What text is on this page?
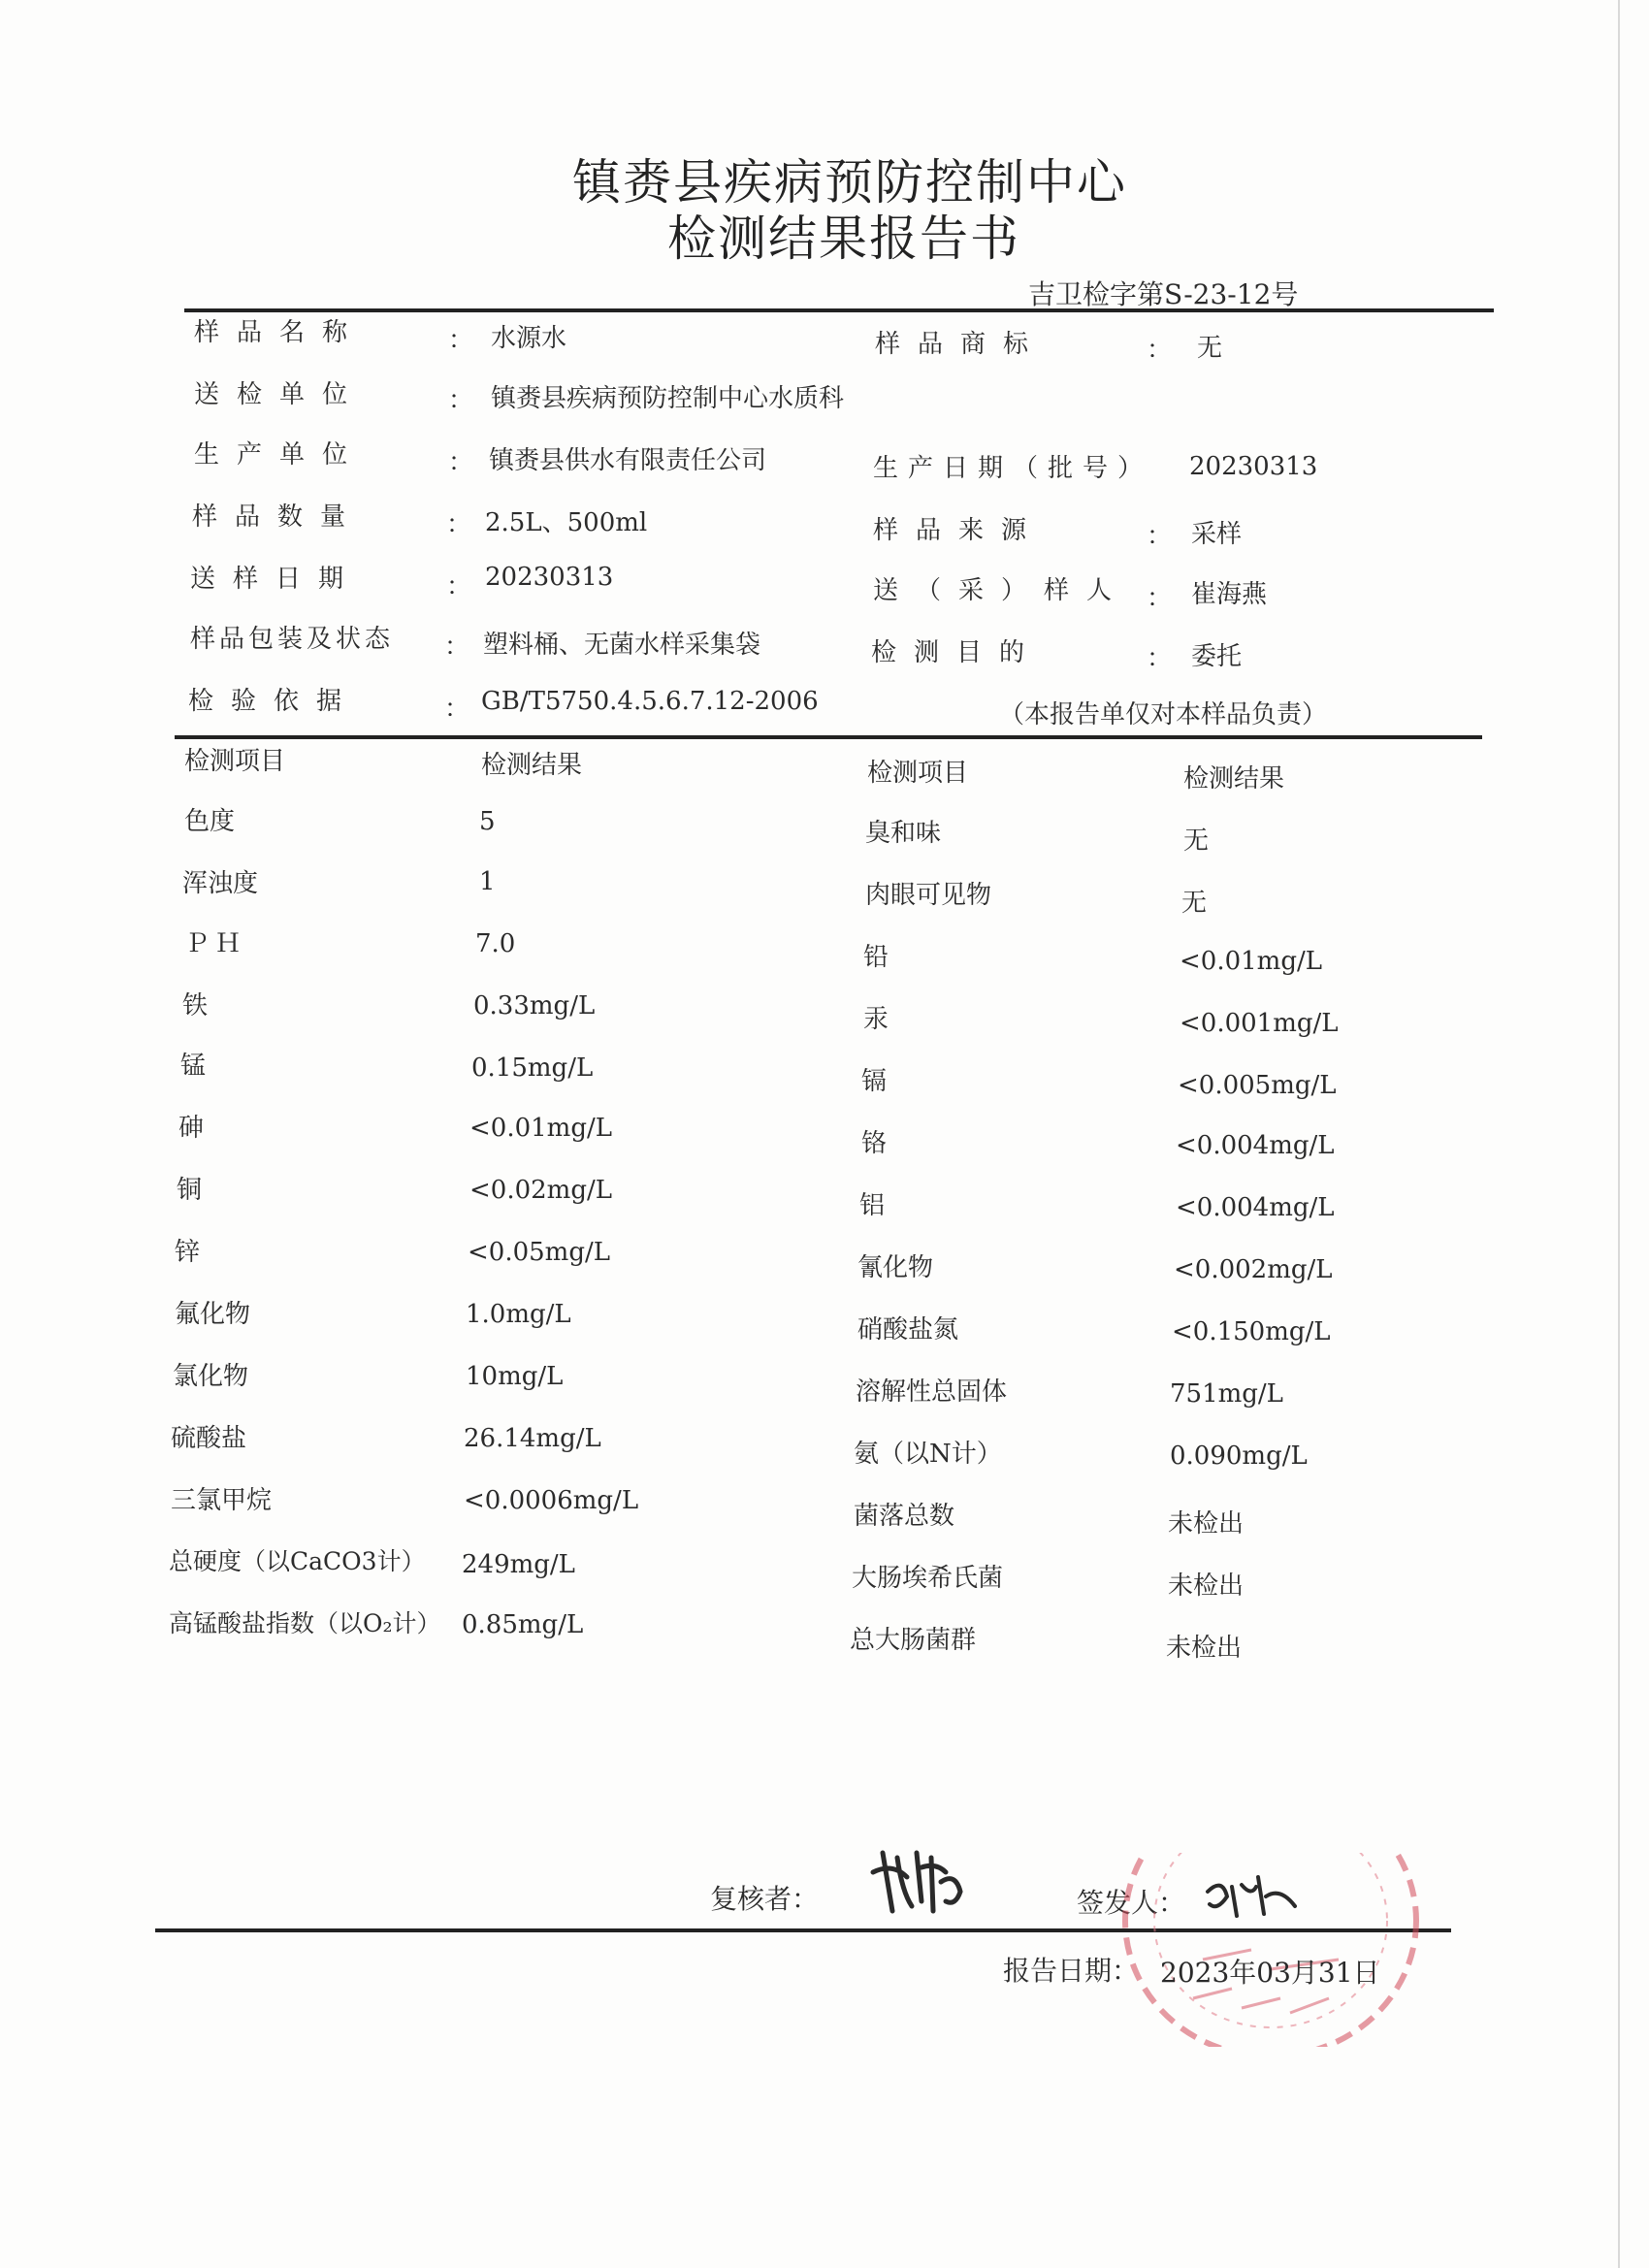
镇赉县疾病预防控制中心
检测结果报告书
吉卫检字第S-23-12号
样品名称	： 水源水	样品商标	： 无
送检单位	： 镇赉县疾病预防控制中心水质科
生产单位	： 镇赉县供水有限责任公司	生产日期（批号） 20230313
样品数量	： 2.5L、500ml	样品来源	： 采样
送样日期	： 20230313	送（采）样人 ： 崔海燕
样品包装及状态 ： 塑料桶、无菌水样采集袋	检测目的	： 委托
检验依据	： GB/T5750.4.5.6.7.12-2006	（本报告单仅对本样品负责）
检测项目	检测结果	检测项目	检测结果
色度	5
浑浊度	1
ＰＨ	7.0
铁	0.33mg/L
锰	0.15mg/L
砷	<0.01mg/L
铜	<0.02mg/L
锌	<0.05mg/L
氟化物	1.0mg/L
氯化物	10mg/L
硫酸盐	26.14mg/L
三氯甲烷	<0.0006mg/L
总硬度（以CaCO3计） 249mg/L
高锰酸盐指数（以O₂计） 0.85mg/L
臭和味	无
肉眼可见物	无
铅	<0.01mg/L
汞	<0.001mg/L
镉	<0.005mg/L
铬	<0.004mg/L
铝	<0.004mg/L
氰化物	<0.002mg/L
硝酸盐氮	<0.150mg/L
溶解性总固体	751mg/L
氨（以N计）	0.090mg/L
菌落总数	未检出
大肠埃希氏菌	未检出
总大肠菌群	未检出
复核者：	签发人：
报告日期： 2023年03月31日
